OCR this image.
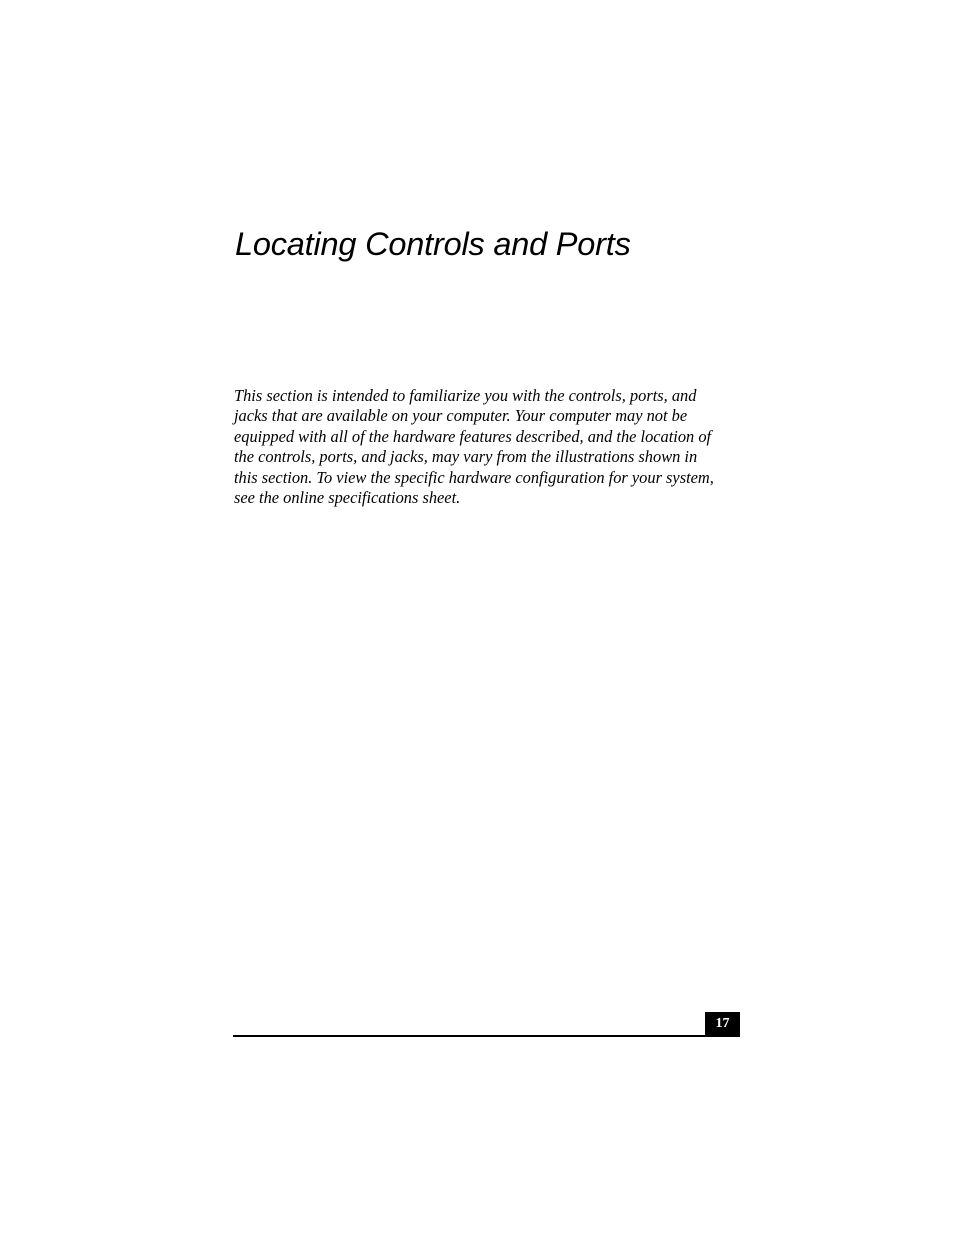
Locating Controls and Ports

This section is intended to familiarize you with the controls, ports, and
jacks that are available on your computer. Your computer may not be
equipped with all of the hardware features described, and the location of
the controls, ports, and jacks, may vary from the illustrations shown in
this section. To view the specific hardware configuration for your system,
see the online specifications sheet.

17
